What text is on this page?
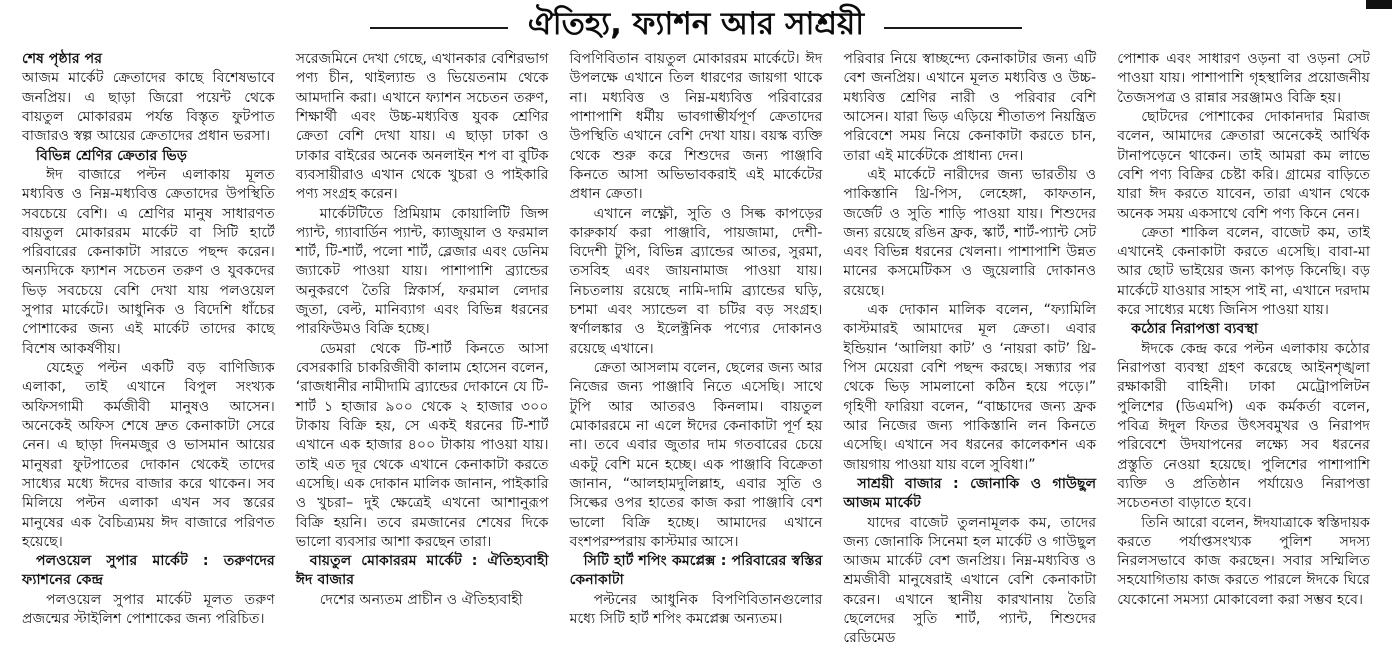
ঐতিহ্য, ফ্যাশন আর সাশ্রয়ী

শেষ পৃষ্ঠার পর

আজম মার্কেট ক্রেতাদের কাছে বিশেষভাবে জনপ্রিয়। এ ছাড়া জিরো পয়েন্ট থেকে বায়তুল মোকাররম পর্যন্ত বিস্তৃত ফুটপাত বাজারও স্বল্প আয়ের ক্রেতাদের প্রধান ভরসা।

বিভিন্ন শ্রেণির ক্রেতার ভিড়

ঈদ বাজারে পল্টন এলাকায় মূলত মধ্যবিত্ত ও নিম্ন-মধ্যবিত্ত ক্রেতাদের উপস্থিতি সবচেয়ে বেশি। এ শ্রেণির মানুষ সাধারণত বায়তুল মোকাররম মার্কেট বা সিটি হার্টে পরিবারের কেনাকাটা সারতে পছন্দ করেন। অন্যদিকে ফ্যাশন সচেতন তরুণ ও যুবকদের ভিড় সবচেয়ে বেশি দেখা যায় পলওয়েল সুপার মার্কেটে। আধুনিক ও বিদেশি ধাঁচের পোশাকের জন্য এই মার্কেট তাদের কাছে বিশেষ আকর্ষণীয়।

যেহেতু পল্টন একটি বড় বাণিজ্যিক এলাকা, তাই এখানে বিপুল সংখ্যক অফিসগামী কর্মজীবী মানুষও আসেন। অনেকেই অফিস শেষে দ্রুত কেনাকাটা সেরে নেন। এ ছাড়া দিনমজুর ও ভাসমান আয়ের মানুষরা ফুটপাতের দোকান থেকেই তাদের সাধ্যের মধ্যে ঈদের বাজার করে থাকেন। সব মিলিয়ে পল্টন এলাকা এখন সব স্তরের মানুষের এক বৈচিত্র্যময় ঈদ বাজারে পরিণত হয়েছে।

পলওয়েল সুপার মার্কেট : তরুণদের ফ্যাশনের কেন্দ্র

পলওয়েল সুপার মার্কেট মূলত তরুণ প্রজন্মের স্টাইলিশ পোশাকের জন্য পরিচিত।

সরেজমিনে দেখা গেছে, এখানকার বেশিরভাগ পণ্য চীন, থাইল্যান্ড ও ভিয়েতনাম থেকে আমদানি করা। এখানে ফ্যাশন সচেতন তরুণ, শিক্ষার্থী এবং উচ্চ-মধ্যবিত্ত যুবক শ্রেণির ক্রেতা বেশি দেখা যায়। এ ছাড়া ঢাকা ও ঢাকার বাইরের অনেক অনলাইন শপ বা বুটিক ব্যবসায়ীরাও এখান থেকে খুচরা ও পাইকারি পণ্য সংগ্রহ করেন।

মার্কেটটিতে প্রিমিয়াম কোয়ালিটি জিন্স প্যান্ট, গ্যাবার্ডিন প্যান্ট, ক্যাজুয়াল ও ফরমাল শার্ট, টি-শার্ট, পলো শার্ট, ব্লেজার এবং ডেনিম জ্যাকেট পাওয়া যায়। পাশাপাশি ব্র্যান্ডের অনুকরণে তৈরি স্নিকার্স, ফরমাল লেদার জুতা, বেল্ট, মানিব্যাগ এবং বিভিন্ন ধরনের পারফিউমও বিক্রি হচ্ছে।

ডেমরা থেকে টি-শার্ট কিনতে আসা বেসরকারি চাকরিজীবী কালাম হোসেন বলেন, ‘রাজধানীর নামীদামি ব্র্যান্ডের দোকানে যে টি-শার্ট ১ হাজার ৯০০ থেকে ২ হাজার ৩০০ টাকায় বিক্রি হয়, সে একই ধরনের টি-শার্ট এখানে এক হাজার ৪০০ টাকায় পাওয়া যায়। তাই এত দূর থেকে এখানে কেনাকাটা করতে এসেছি। এক দোকান মালিক জানান, পাইকারি ও খুচরা– দুই ক্ষেত্রেই এখনো আশানুরূপ বিক্রি হয়নি। তবে রমজানের শেষের দিকে ভালো ব্যবসার আশা করছেন তারা।

বায়তুল মোকাররম মার্কেট : ঐতিহ্যবাহী ঈদ বাজার

দেশের অন্যতম প্রাচীন ও ঐতিহ্যবাহী

বিপণিবিতান বায়তুল মোকাররম মার্কেটে। ঈদ উপলক্ষে এখানে তিল ধারণের জায়গা থাকে না। মধ্যবিত্ত ও নিম্ন-মধ্যবিত্ত পরিবারের পাশাপাশি ধর্মীয় ভাবগাম্ভীর্যপূর্ণ ক্রেতাদের উপস্থিতি এখানে বেশি দেখা যায়। বয়স্ক ব্যক্তি থেকে শুরু করে শিশুদের জন্য পাঞ্জাবি কিনতে আসা অভিভাবকরাই এই মার্কেটের প্রধান ক্রেতা।

এখানে লক্ষ্ণৌ, সুতি ও সিল্ক কাপড়ের কারুকার্য করা পাঞ্জাবি, পায়জামা, দেশী-বিদেশী টুপি, বিভিন্ন ব্র্যান্ডের আতর, সুরমা, তসবিহ এবং জায়নামাজ পাওয়া যায়। নিচতলায় রয়েছে নামি-দামি ব্র্যান্ডের ঘড়ি, চশমা এবং স্যান্ডেল বা চটির বড় সংগ্রহ। স্বর্ণালঙ্কার ও ইলেক্ট্রনিক পণ্যের দোকানও রয়েছে এখানে।

ক্রেতা আসলাম বলেন, ছেলের জন্য আর নিজের জন্য পাঞ্জাবি নিতে এসেছি। সাথে টুপি আর আতরও কিনলাম। বায়তুল মোকাররমে না এলে ঈদের কেনাকাটা পূর্ণ হয় না। তবে এবার জুতার দাম গতবারের চেয়ে একটু বেশি মনে হচ্ছে। এক পাঞ্জাবি বিক্রেতা জানান, “আলহামদুলিল্লাহ, এবার সুতি ও সিল্কের ওপর হাতের কাজ করা পাঞ্জাবি বেশ ভালো বিক্রি হচ্ছে। আমাদের এখানে বংশপরম্পরায় কাস্টমার আসে।

সিটি হার্ট শপিং কমপ্লেক্স : পরিবারের স্বস্তির কেনাকাটা

পল্টনের আধুনিক বিপণিবিতানগুলোর মধ্যে সিটি হার্ট শপিং কমপ্লেক্স অন্যতম।

পরিবার নিয়ে স্বাচ্ছন্দ্যে কেনাকাটার জন্য এটি বেশ জনপ্রিয়। এখানে মূলত মধ্যবিত্ত ও উচ্চ-মধ্যবিত্ত শ্রেণির নারী ও পরিবার বেশি আসেন। যারা ভিড় এড়িয়ে শীতাতপ নিয়ন্ত্রিত পরিবেশে সময় নিয়ে কেনাকাটা করতে চান, তারা এই মার্কেটকে প্রাধান্য দেন।

এই মার্কেটে নারীদের জন্য ভারতীয় ও পাকিস্তানি থ্রি-পিস, লেহেঙ্গা, কাফতান, জর্জেট ও সুতি শাড়ি পাওয়া যায়। শিশুদের জন্য রয়েছে রঙিন ফ্রক, স্কার্ট, শার্ট-প্যান্ট সেট এবং বিভিন্ন ধরনের খেলনা। পাশাপাশি উন্নত মানের কসমেটিকস ও জুয়েলারি দোকানও রয়েছে।

এক দোকান মালিক বলেন, “ফ্যামিলি কাস্টমারই আমাদের মূল ক্রেতা। এবার ইন্ডিয়ান ‘আলিয়া কাট’ ও ‘নায়রা কাট’ থ্রি-পিস মেয়েরা বেশি পছন্দ করছে। সন্ধ্যার পর থেকে ভিড় সামলানো কঠিন হয়ে পড়ে।” গৃহিণী ফারিয়া বলেন, “বাচ্চাদের জন্য ফ্রক আর নিজের জন্য পাকিস্তানি লন কিনতে এসেছি। এখানে সব ধরনের কালেকশন এক জায়গায় পাওয়া যায় বলে সুবিধা।”

সাশ্রয়ী বাজার : জোনাকি ও গাউছুল আজম মার্কেট

যাদের বাজেট তুলনামূলক কম, তাদের জন্য জোনাকি সিনেমা হল মার্কেট ও গাউছুল আজম মার্কেট বেশ জনপ্রিয়। নিম্ন-মধ্যবিত্ত ও শ্রমজীবী মানুষেরাই এখানে বেশি কেনাকাটা করেন। এখানে স্থানীয় কারখানায় তৈরি ছেলেদের সুতি শার্ট, প্যান্ট, শিশুদের রেডিমেড

পোশাক এবং সাধারণ ওড়না বা ওড়না সেট পাওয়া যায়। পাশাপাশি গৃহস্থালির প্রয়োজনীয় তৈজসপত্র ও রান্নার সরঞ্জামও বিক্রি হয়।

ছোটদের পোশাকের দোকানদার মিরাজ বলেন, আমাদের ক্রেতারা অনেকেই আর্থিক টানাপড়েনে থাকেন। তাই আমরা কম লাভে বেশি পণ্য বিক্রির চেষ্টা করি। গ্রামের বাড়িতে যারা ঈদ করতে যাবেন, তারা এখান থেকে অনেক সময় একসাথে বেশি পণ্য কিনে নেন।

ক্রেতা শাকিল বলেন, বাজেট কম, তাই এখানেই কেনাকাটা করতে এসেছি। বাবা-মা আর ছোট ভাইয়ের জন্য কাপড় কিনেছি। বড় মার্কেটে যাওয়ার সাহস পাই না, এখানে দরদাম করে সাধ্যের মধ্যে জিনিস পাওয়া যায়।

কঠোর নিরাপত্তা ব্যবস্থা

ঈদকে কেন্দ্র করে পল্টন এলাকায় কঠোর নিরাপত্তা ব্যবস্থা গ্রহণ করেছে আইনশৃঙ্খলা রক্ষাকারী বাহিনী। ঢাকা মেট্রোপলিটন পুলিশের (ডিএমপি) এক কর্মকর্তা বলেন, পবিত্র ঈদুল ফিতর উৎসবমুখর ও নিরাপদ পরিবেশে উদযাপনের লক্ষ্যে সব ধরনের প্রস্তুতি নেওয়া হয়েছে। পুলিশের পাশাপাশি ব্যক্তি ও প্রতিষ্ঠান পর্যায়েও নিরাপত্তা সচেতনতা বাড়াতে হবে।

তিনি আরো বলেন, ঈদযাত্রাকে স্বস্তিদায়ক করতে পর্যাপ্তসংখ্যক পুলিশ সদস্য নিরলসভাবে কাজ করছেন। সবার সম্মিলিত সহযোগিতায় কাজ করতে পারলে ঈদকে ঘিরে যেকোনো সমস্যা মোকাবেলা করা সম্ভব হবে।
